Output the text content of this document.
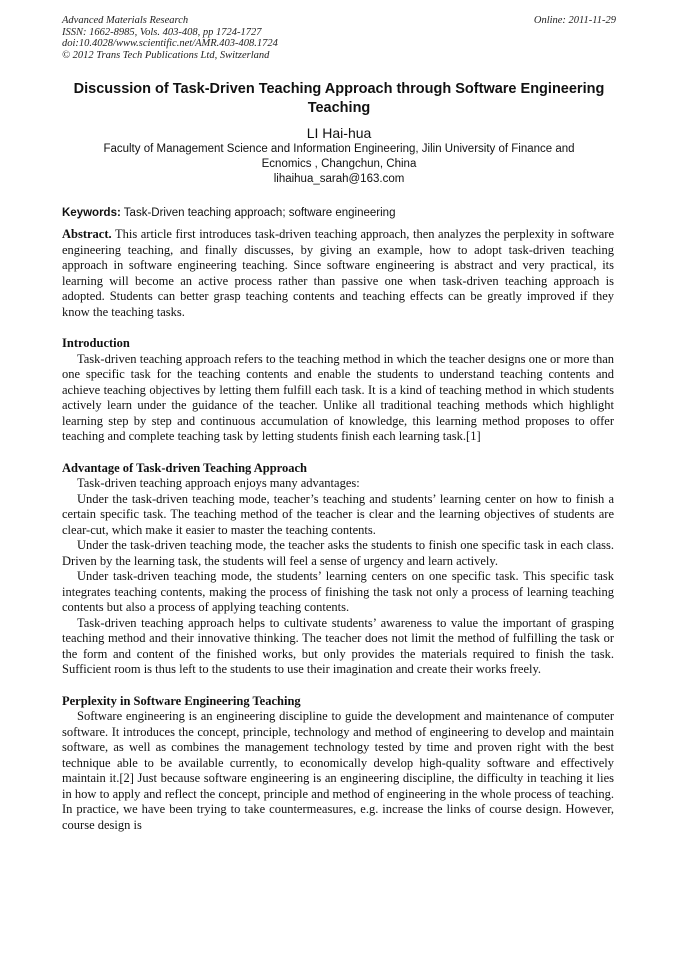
Advanced Materials Research	Online: 2011-11-29
ISSN: 1662-8985, Vols. 403-408, pp 1724-1727
doi:10.4028/www.scientific.net/AMR.403-408.1724
© 2012 Trans Tech Publications Ltd, Switzerland
Discussion of Task-Driven Teaching Approach through Software Engineering Teaching
LI Hai-hua
Faculty of Management Science and Information Engineering, Jilin University of Finance and
Ecnomics , Changchun, China
lihaihua_sarah@163.com
Keywords: Task-Driven teaching approach; software engineering

Abstract. This article first introduces task-driven teaching approach, then analyzes the perplexity in software engineering teaching, and finally discusses, by giving an example, how to adopt task-driven teaching approach in software engineering teaching. Since software engineering is abstract and very practical, its learning will become an active process rather than passive one when task-driven teaching approach is adopted. Students can better grasp teaching contents and teaching effects can be greatly improved if they know the teaching tasks.

Introduction

Task-driven teaching approach refers to the teaching method in which the teacher designs one or more than one specific task for the teaching contents and enable the students to understand teaching contents and achieve teaching objectives by letting them fulfill each task. It is a kind of teaching method in which students actively learn under the guidance of the teacher. Unlike all traditional teaching methods which highlight learning step by step and continuous accumulation of knowledge, this learning method proposes to offer teaching and complete teaching task by letting students finish each learning task.[1]

Advantage of Task-driven Teaching Approach

Task-driven teaching approach enjoys many advantages:

Under the task-driven teaching mode, teacher’s teaching and students’ learning center on how to finish a certain specific task. The teaching method of the teacher is clear and the learning objectives of students are clear-cut, which make it easier to master the teaching contents.

Under the task-driven teaching mode, the teacher asks the students to finish one specific task in each class. Driven by the learning task, the students will feel a sense of urgency and learn actively.

Under task-driven teaching mode, the students’ learning centers on one specific task. This specific task integrates teaching contents, making the process of finishing the task not only a process of learning teaching contents but also a process of applying teaching contents.

Task-driven teaching approach helps to cultivate students’ awareness to value the important of grasping teaching method and their innovative thinking. The teacher does not limit the method of fulfilling the task or the form and content of the finished works, but only provides the materials required to finish the task. Sufficient room is thus left to the students to use their imagination and create their works freely.

Perplexity in Software Engineering Teaching

Software engineering is an engineering discipline to guide the development and maintenance of computer software. It introduces the concept, principle, technology and method of engineering to develop and maintain software, as well as combines the management technology tested by time and proven right with the best technique able to be available currently, to economically develop high-quality software and effectively maintain it.[2] Just because software engineering is an engineering discipline, the difficulty in teaching it lies in how to apply and reflect the concept, principle and method of engineering in the whole process of teaching. In practice, we have been trying to take countermeasures, e.g. increase the links of course design. However, course design is
